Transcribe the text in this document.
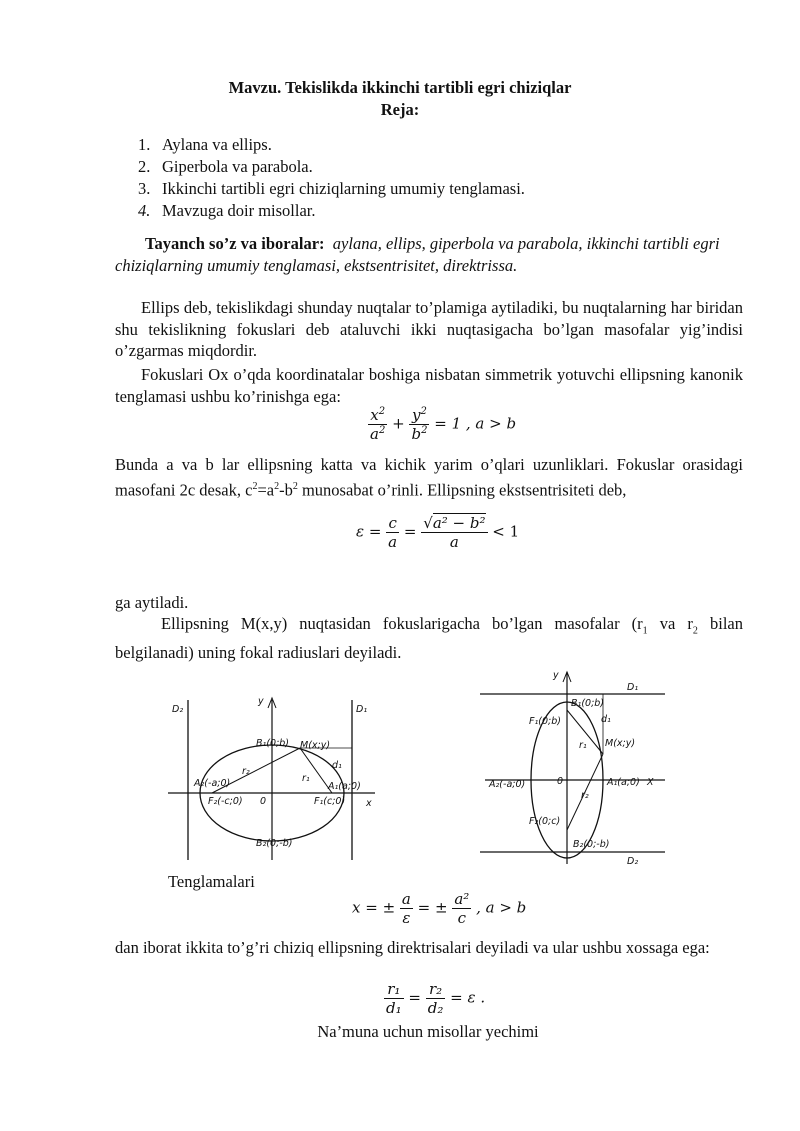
Mavzu. Tekislikda ikkinchi tartibli egri chiziqlar
Reja:
1. Aylana va ellips.
2. Giperbola va parabola.
3. Ikkinchi tartibli egri chiziqlarning umumiy tenglamasi.
4. Mavzuga doir misollar.
Tayanch so’z va iboralar: aylana, ellips, giperbola va parabola, ikkinchi tartibli egri chiziqlarning umumiy tenglamasi, ekstsentrisitet, direktrissa.
Ellips deb, tekislikdagi shunday nuqtalar to’plamiga aytiladiki, bu nuqtalarning har biridan shu tekislikning fokuslari deb ataluvchi ikki nuqtasigacha bo’lgan masofalar yig’indisi o’zgarmas miqdordir.
Fokuslari Ox o’qda koordinatalar boshiga nisbatan simmetrik yotuvchi ellipsning kanonik tenglamasi ushbu ko’rinishga ega:
$\frac{x^2}{a^2} + \frac{y^2}{b^2} = 1$ , a > b
Bunda a va b lar ellipsning katta va kichik yarim o’qlari uzunliklari. Fokuslar orasidagi masofani 2c desak, $c^2=a^2-b^2$ munosabat o’rinli. Ellipsning ekstsentrisiteti deb,
$\varepsilon = \frac{c}{a} = \frac{\text{√a² − b²}}{a} < 1$
ga aytiladi.
Ellipsning M(x,y) nuqtasidan fokuslarigacha bo’lgan masofalar ($r_1$ va $r_2$ bilan belgilanadi) uning fokal radiuslari deyiladi.
D₂	D₁
y
x
B₁(0;b) M(x;y)
r₂
d₁
r₁
A₂(-a;0)	A₁(a;0)
F₂(-c;0) 0	F₁(c;0)
B₂(0;-b)
y
D₁
B₁(0;b)
F₁(0;b)	d₁
r₁ M(x;y)
A₂(-a;0)	0	A₁(a;0) X
r₂
F₂(0;c)
B₂(0;-b)
D₂
Tenglamalari
x = ± $\frac{a}{\varepsilon}$ = ± $\frac{\text{a²}}{c}$ , a > b
dan iborat ikkita to’g’ri chiziq ellipsning direktrisalari deyiladi va ular ushbu xossaga ega:
$\frac{\text{r₁}}{\text{d₁}} = \frac{\text{r₂}}{\text{d₂}} = \varepsilon$ .
Na’muna uchun misollar yechimi
